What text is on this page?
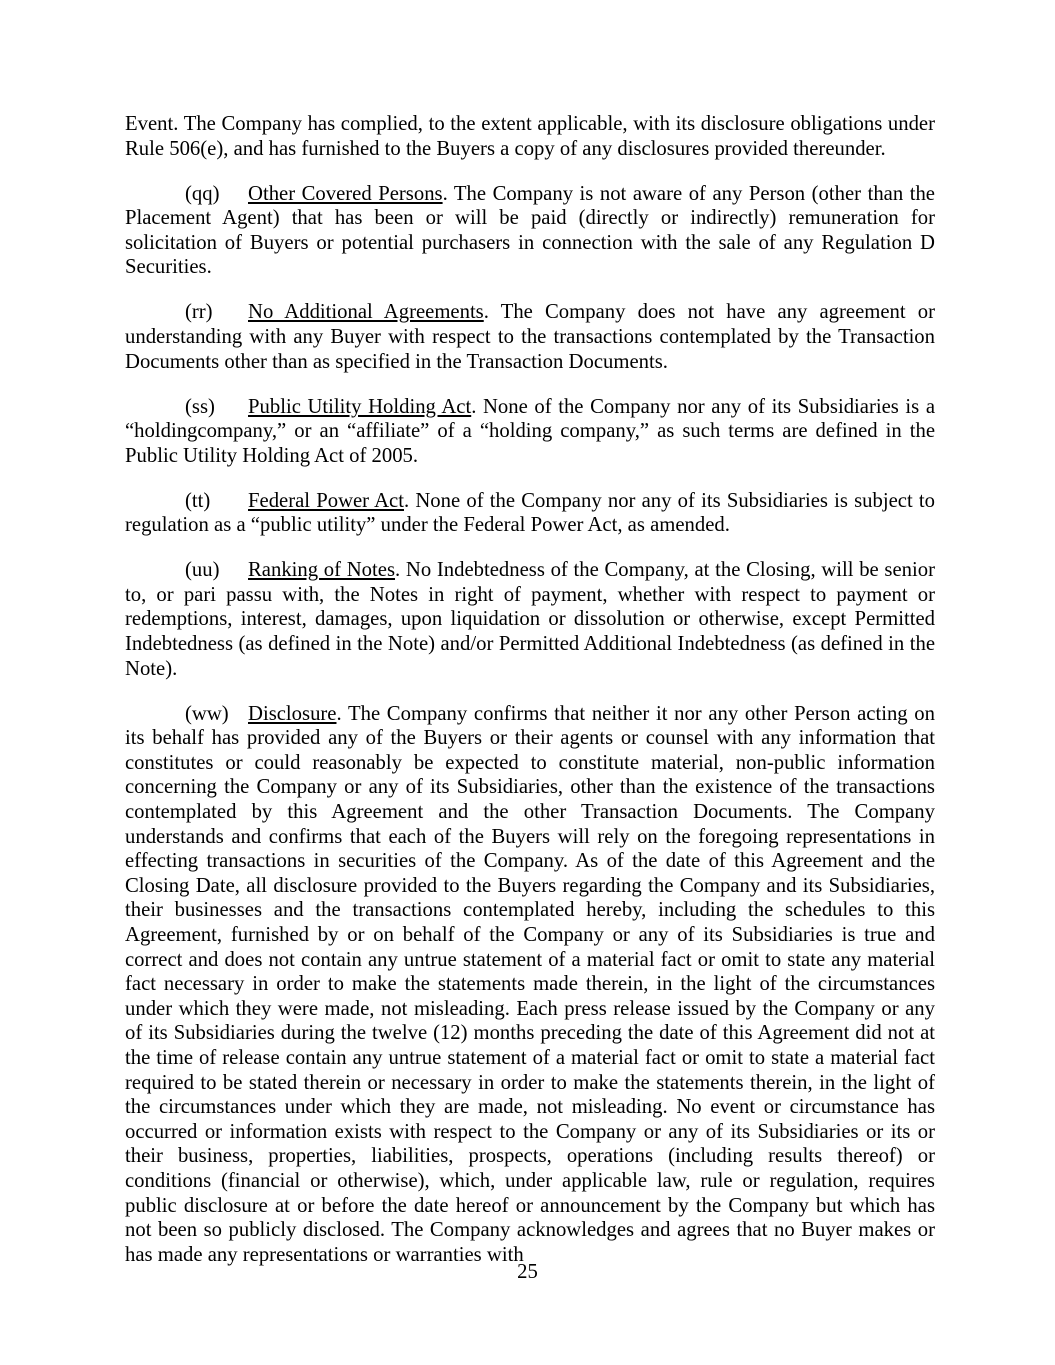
Event. The Company has complied, to the extent applicable, with its disclosure obligations under Rule 506(e), and has furnished to the Buyers a copy of any disclosures provided thereunder.

(qq) Other Covered Persons. The Company is not aware of any Person (other than the Placement Agent) that has been or will be paid (directly or indirectly) remuneration for solicitation of Buyers or potential purchasers in connection with the sale of any Regulation D Securities.

(rr) No Additional Agreements. The Company does not have any agreement or understanding with any Buyer with respect to the transactions contemplated by the Transaction Documents other than as specified in the Transaction Documents.

(ss) Public Utility Holding Act. None of the Company nor any of its Subsidiaries is a “holdingcompany,” or an “affiliate” of a “holding company,” as such terms are defined in the Public Utility Holding Act of 2005.

(tt) Federal Power Act. None of the Company nor any of its Subsidiaries is subject to regulation as a “public utility” under the Federal Power Act, as amended.

(uu) Ranking of Notes. No Indebtedness of the Company, at the Closing, will be senior to, or pari passu with, the Notes in right of payment, whether with respect to payment or redemptions, interest, damages, upon liquidation or dissolution or otherwise, except Permitted Indebtedness (as defined in the Note) and/or Permitted Additional Indebtedness (as defined in the Note).

(ww) Disclosure. The Company confirms that neither it nor any other Person acting on its behalf has provided any of the Buyers or their agents or counsel with any information that constitutes or could reasonably be expected to constitute material, non-public information concerning the Company or any of its Subsidiaries, other than the existence of the transactions contemplated by this Agreement and the other Transaction Documents. The Company understands and confirms that each of the Buyers will rely on the foregoing representations in effecting transactions in securities of the Company. As of the date of this Agreement and the Closing Date, all disclosure provided to the Buyers regarding the Company and its Subsidiaries, their businesses and the transactions contemplated hereby, including the schedules to this Agreement, furnished by or on behalf of the Company or any of its Subsidiaries is true and correct and does not contain any untrue statement of a material fact or omit to state any material fact necessary in order to make the statements made therein, in the light of the circumstances under which they were made, not misleading. Each press release issued by the Company or any of its Subsidiaries during the twelve (12) months preceding the date of this Agreement did not at the time of release contain any untrue statement of a material fact or omit to state a material fact required to be stated therein or necessary in order to make the statements therein, in the light of the circumstances under which they are made, not misleading. No event or circumstance has occurred or information exists with respect to the Company or any of its Subsidiaries or its or their business, properties, liabilities, prospects, operations (including results thereof) or conditions (financial or otherwise), which, under applicable law, rule or regulation, requires public disclosure at or before the date hereof or announcement by the Company but which has not been so publicly disclosed. The Company acknowledges and agrees that no Buyer makes or has made any representations or warranties with

25
